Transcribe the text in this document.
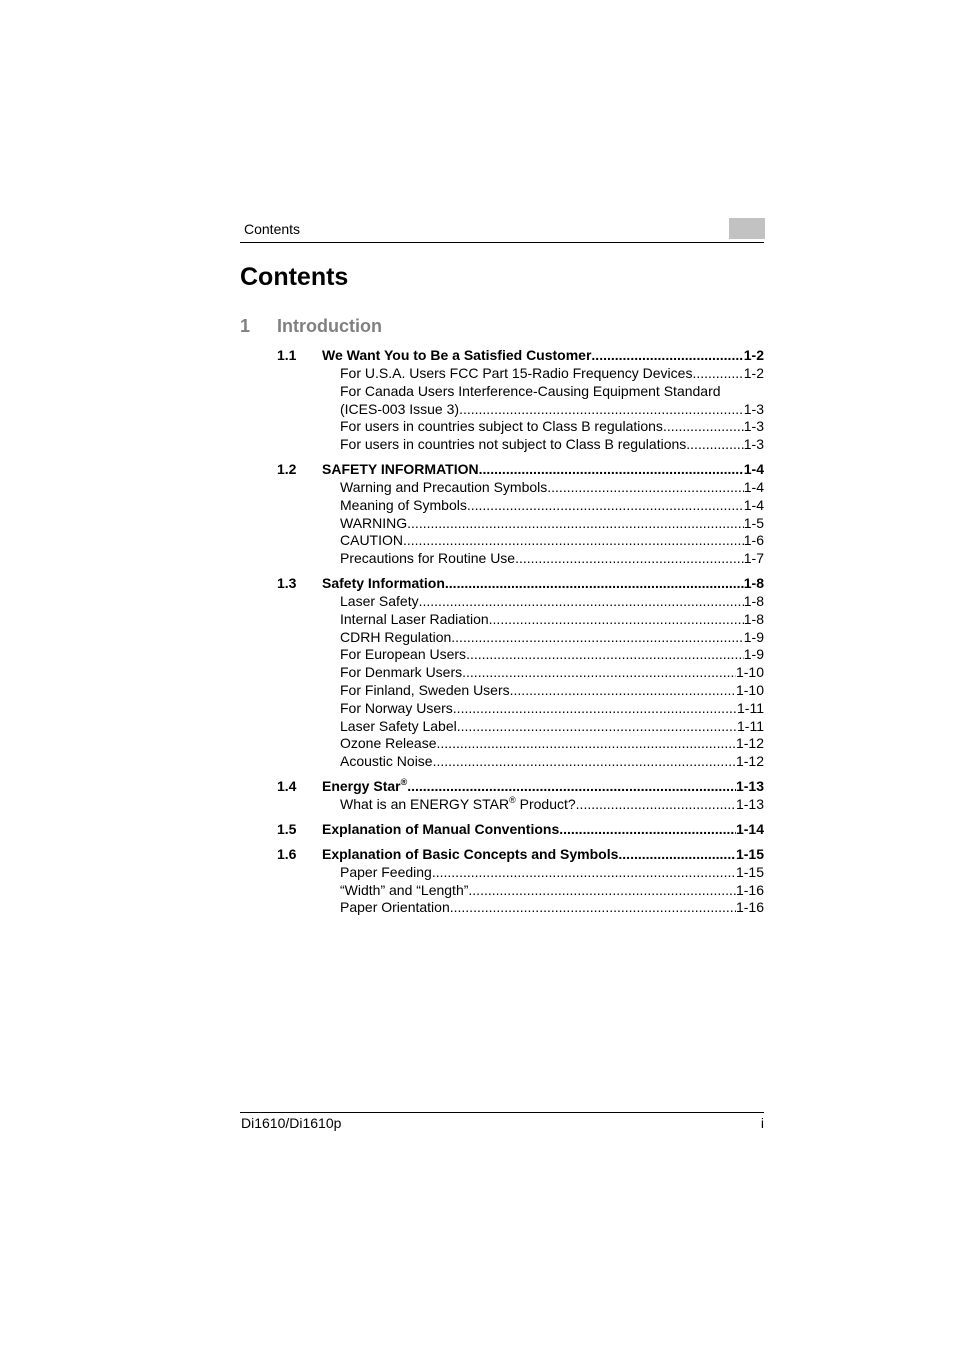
Contents
Contents
1 Introduction
1.1	We Want You to Be a Satisfied Customer .....	1-2
For U.S.A. Users FCC Part 15-Radio Frequency Devices .....	1-2
For Canada Users Interference-Causing Equipment Standard
(ICES-003 Issue 3) .....	1-3
For users in countries subject to Class B regulations .....	1-3
For users in countries not subject to Class B regulations .....	1-3
1.2	SAFETY INFORMATION .....	1-4
Warning and Precaution Symbols .....	1-4
Meaning of Symbols .....	1-4
WARNING .....	1-5
CAUTION .....	1-6
Precautions for Routine Use .....	1-7
1.3	Safety Information .....	1-8
Laser Safety .....	1-8
Internal Laser Radiation .....	1-8
CDRH Regulation .....	1-9
For European Users .....	1-9
For Denmark Users .....	1-10
For Finland, Sweden Users .....	1-10
For Norway Users .....	1-11
Laser Safety Label .....	1-11
Ozone Release .....	1-12
Acoustic Noise .....	1-12
1.4	Energy Star® .....	1-13
What is an ENERGY STAR® Product? .....	1-13
1.5	Explanation of Manual Conventions .....	1-14
1.6	Explanation of Basic Concepts and Symbols .....	1-15
Paper Feeding .....	1-15
“Width” and “Length” .....	1-16
Paper Orientation .....	1-16
Di1610/Di1610p	i
